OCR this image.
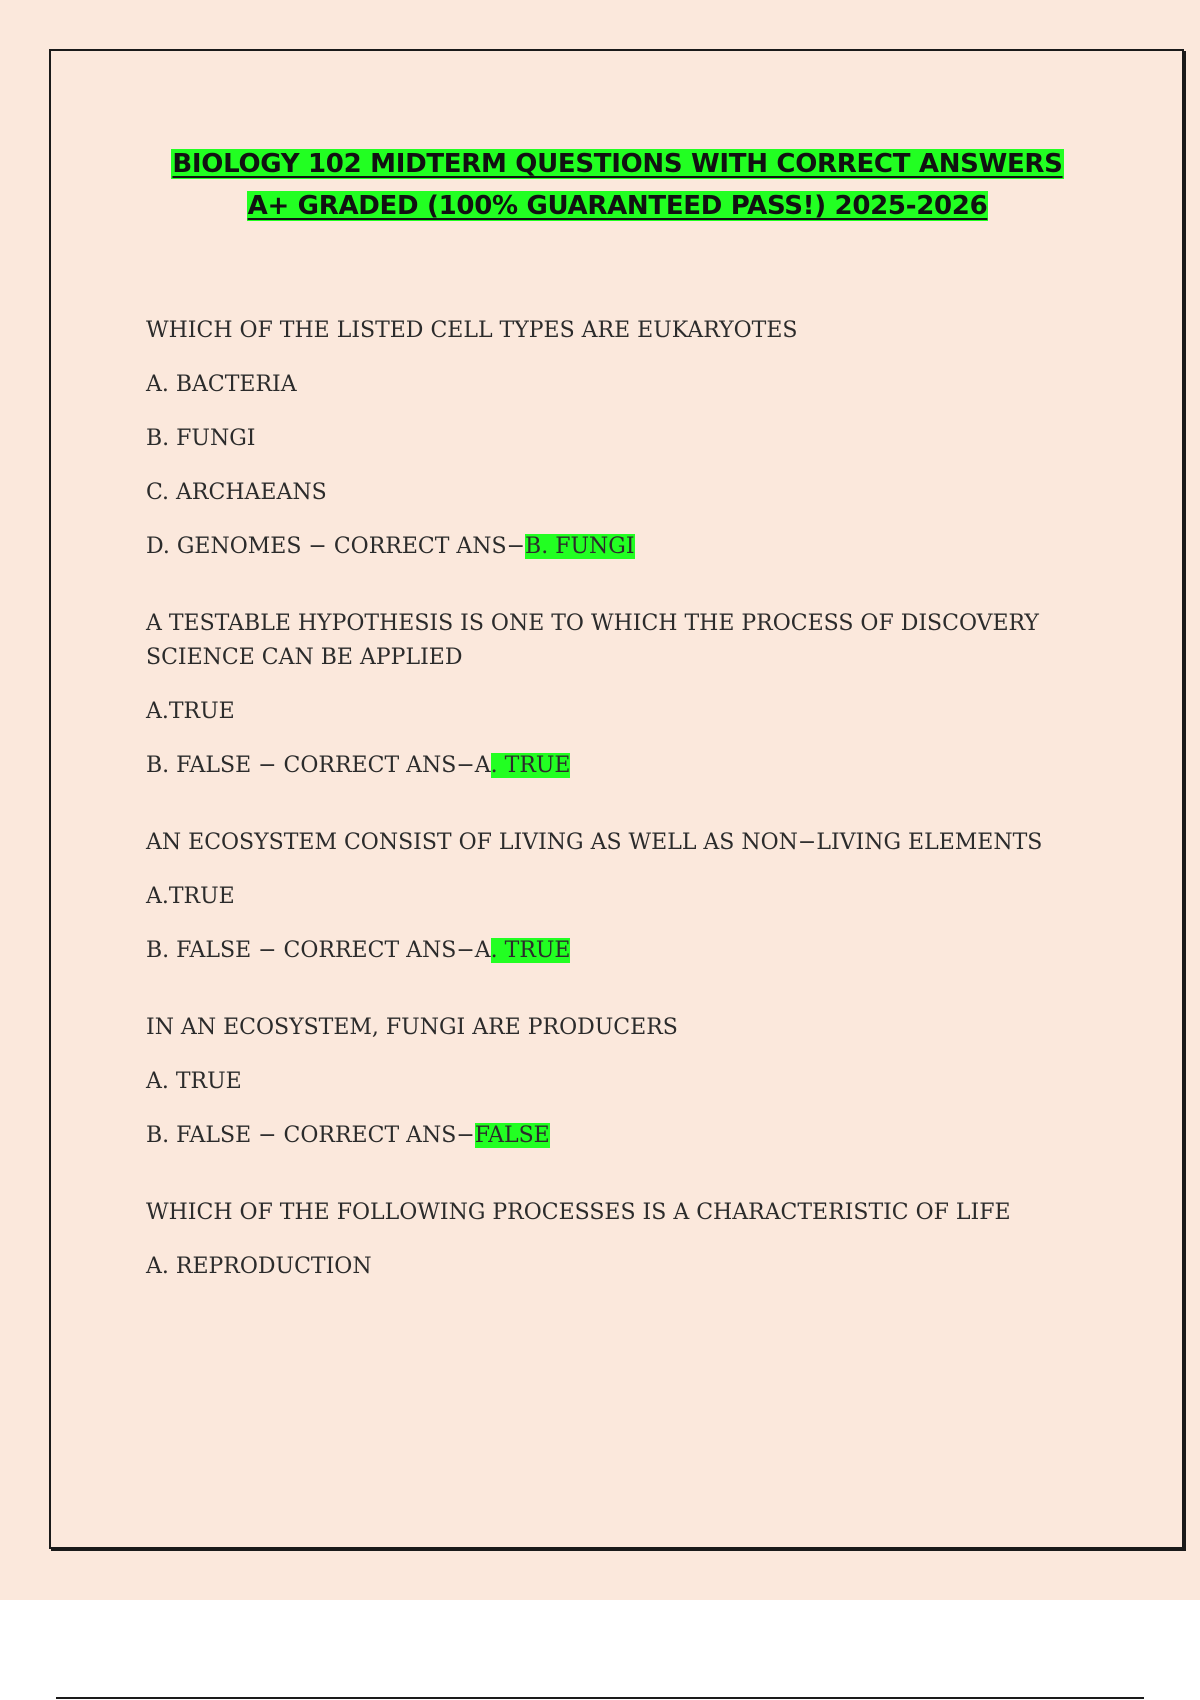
BIOLOGY 102 MIDTERM QUESTIONS WITH CORRECT ANSWERS
A+ GRADED (100% GUARANTEED PASS!) 2025-2026
WHICH OF THE LISTED CELL TYPES ARE EUKARYOTES
A. BACTERIA
B. FUNGI
C. ARCHAEANS
D. GENOMES − CORRECT ANS−B. FUNGI
A TESTABLE HYPOTHESIS IS ONE TO WHICH THE PROCESS OF DISCOVERY SCIENCE CAN BE APPLIED
A.TRUE
B. FALSE − CORRECT ANS−A. TRUE
AN ECOSYSTEM CONSIST OF LIVING AS WELL AS NON−LIVING ELEMENTS
A.TRUE
B. FALSE − CORRECT ANS−A. TRUE
IN AN ECOSYSTEM, FUNGI ARE PRODUCERS
A. TRUE
B. FALSE − CORRECT ANS−FALSE
WHICH OF THE FOLLOWING PROCESSES IS A CHARACTERISTIC OF LIFE
A. REPRODUCTION
